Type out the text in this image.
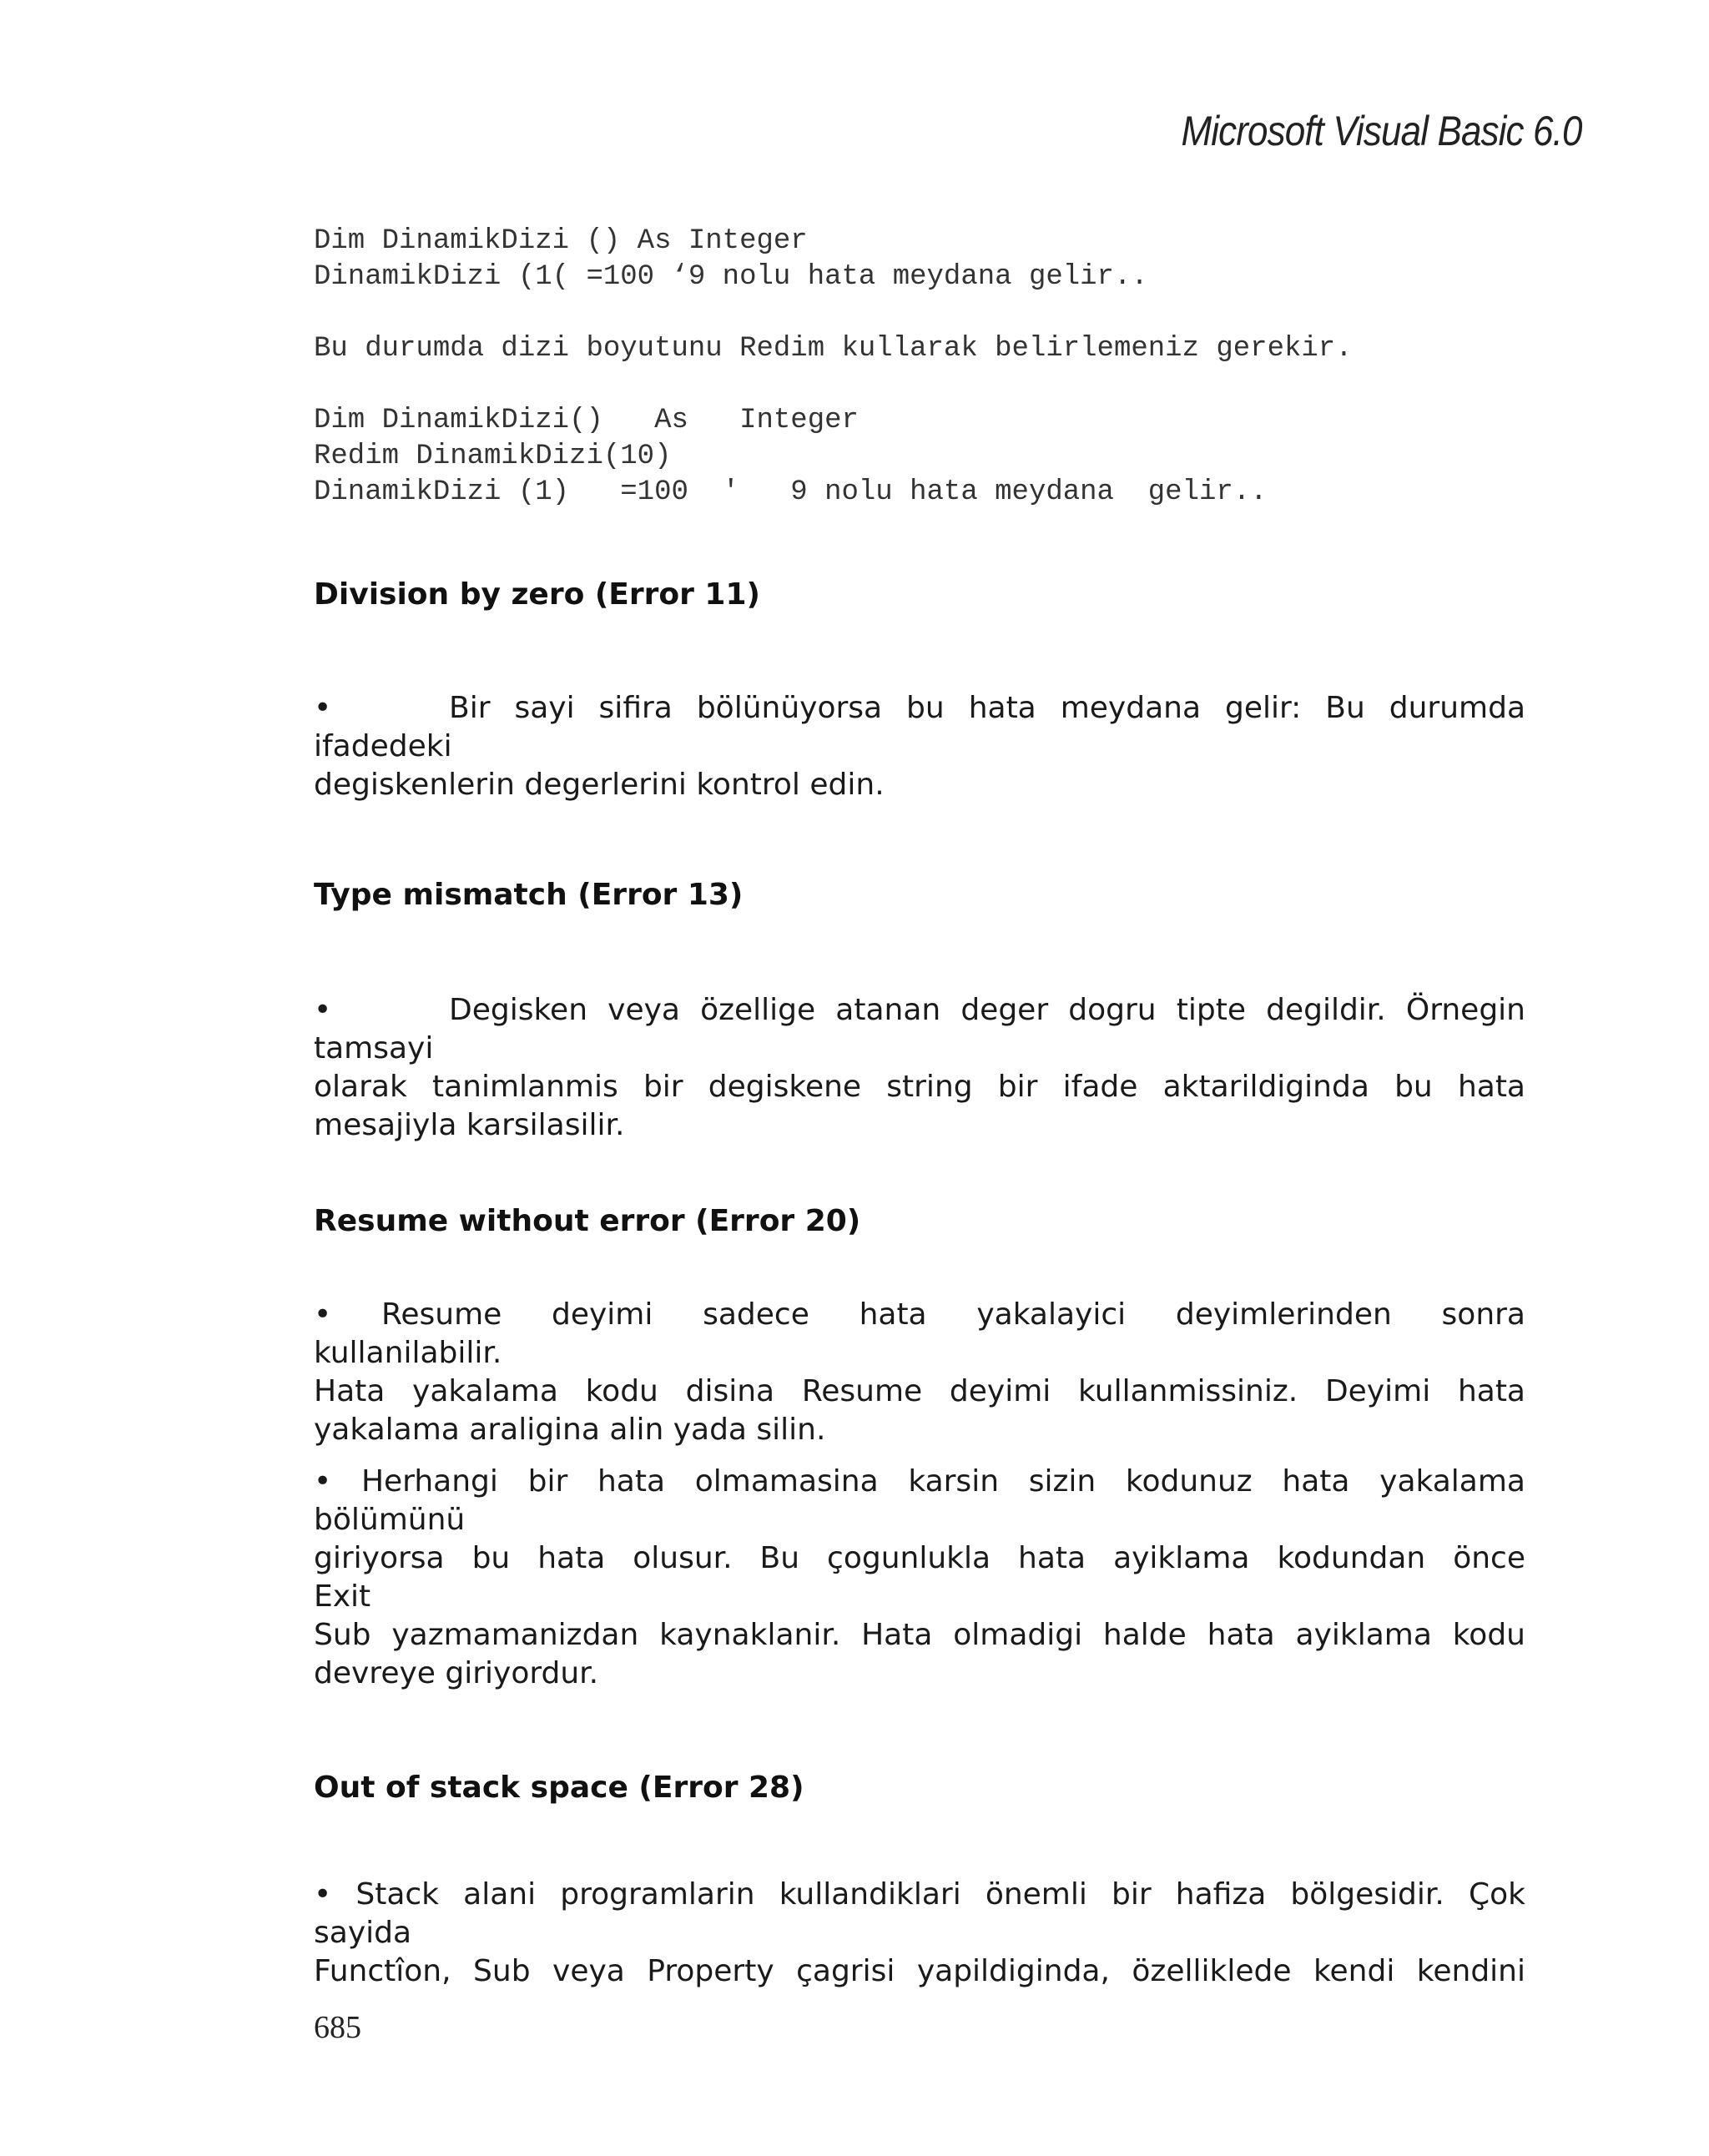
Microsoft Visual Basic 6.0
Dim DinamikDizi () As Integer
DinamikDizi (1( =100 ‘9 nolu hata meydana gelir..
Bu durumda dizi boyutunu Redim kullarak belirlemeniz gerekir.
Dim DinamikDizi()   As   Integer
Redim DinamikDizi(10)
DinamikDizi (1)   =100  '   9 nolu hata meydana  gelir..
Division by zero (Error 11)
•	Bir sayi sifira bölünüyorsa bu hata meydana gelir: Bu durumda
ifadedeki
degiskenlerin degerlerini kontrol edin.
Type mismatch (Error 13)
•	Degisken veya özellige atanan deger dogru tipte degildir. Örnegin
tamsayi
olarak tanimlanmis bir degiskene string bir ifade aktarildiginda bu hata
mesajiyla karsilasilir.
Resume without error (Error 20)
• Resume deyimi sadece hata yakalayici deyimlerinden sonra
kullanilabilir.
Hata yakalama kodu disina Resume deyimi kullanmissiniz. Deyimi hata
yakalama araligina alin yada silin.
• Herhangi bir hata olmamasina karsin sizin kodunuz hata yakalama
bölümünü
giriyorsa bu hata olusur. Bu çogunlukla hata ayiklama kodundan önce
Exit
Sub yazmamanizdan kaynaklanir. Hata olmadigi halde hata ayiklama kodu
devreye giriyordur.
Out of stack space (Error 28)
• Stack alani programlarin kullandiklari önemli bir hafiza bölgesidir. Çok
sayida
Functîon, Sub veya Property çagrisi yapildiginda, özelliklede kendi kendini
685
